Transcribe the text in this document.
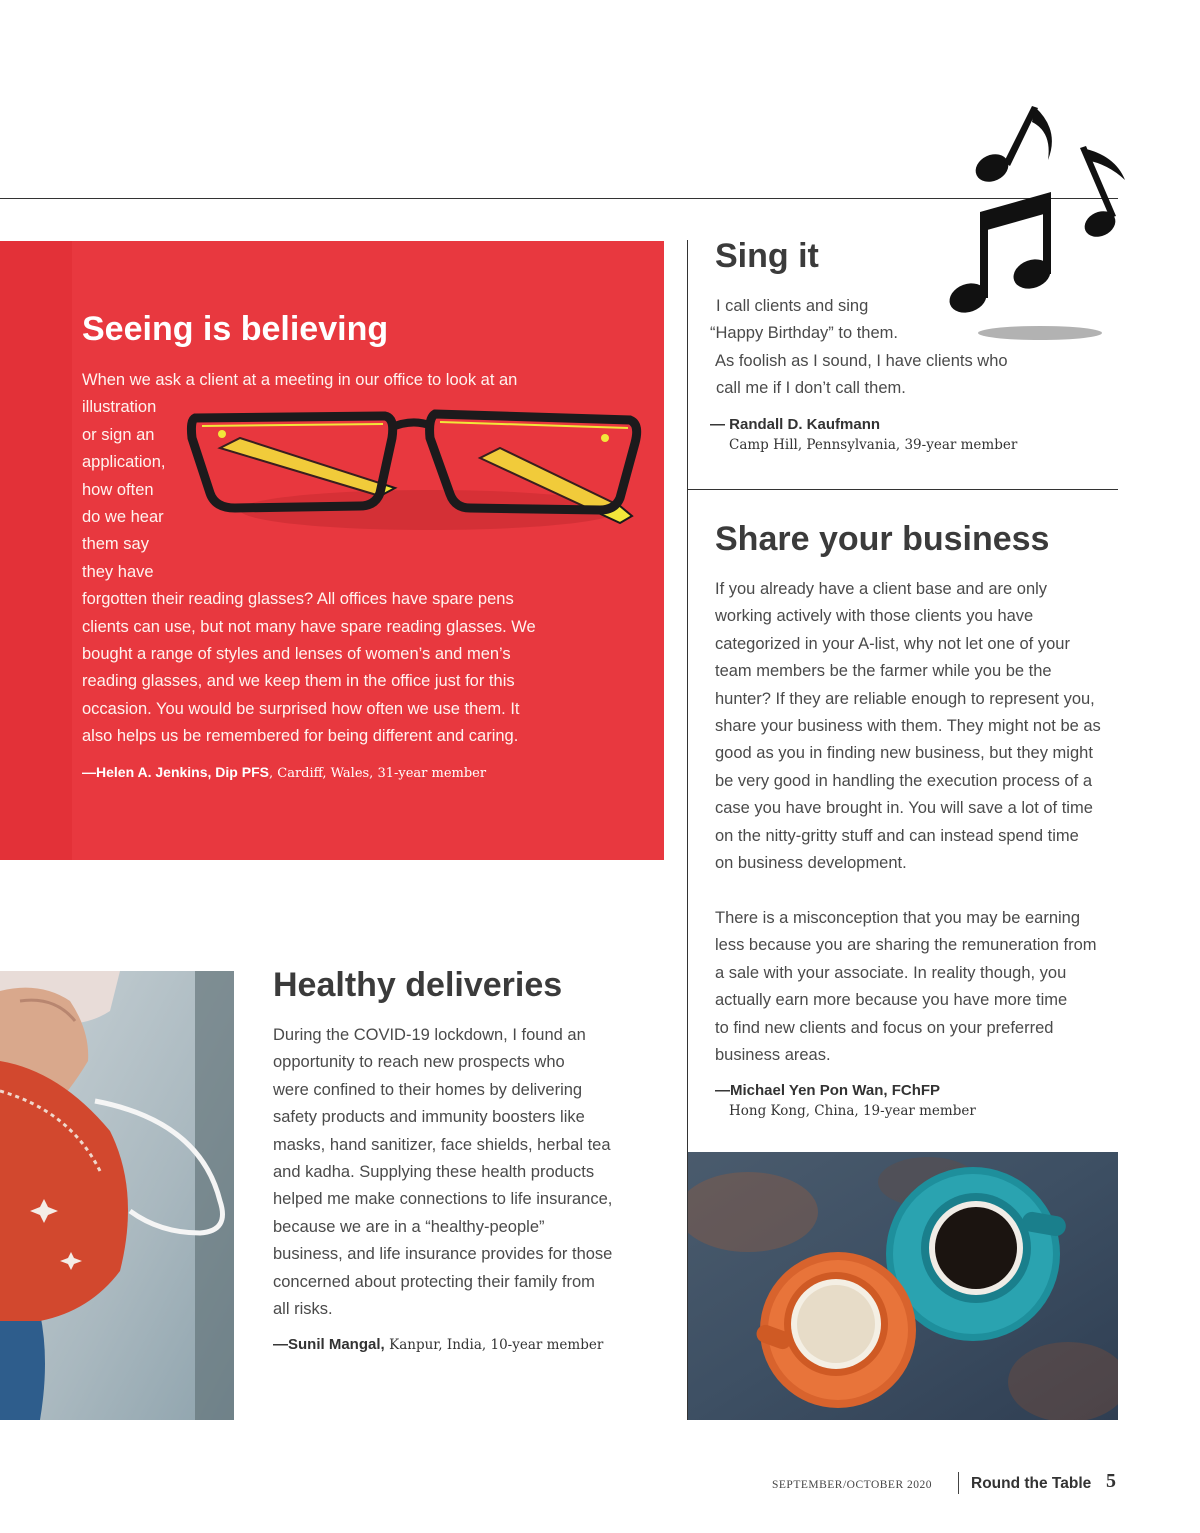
Seeing is believing
When we ask a client at a meeting in our office to look at an
illustration
or sign an
application,
how often
do we hear
them say
they have
forgotten their reading glasses? All offices have spare pens
clients can use, but not many have spare reading glasses. We
bought a range of styles and lenses of women’s and men’s
reading glasses, and we keep them in the office just for this
occasion. You would be surprised how often we use them. It
also helps us be remembered for being different and caring.
—Helen A. Jenkins, Dip PFS, Cardiff, Wales, 31-year member
Sing it
I call clients and sing
“Happy Birthday” to them.
As foolish as I sound, I have clients who
call me if I don’t call them.
— Randall D. Kaufmann
Camp Hill, Pennsylvania, 39-year member
Share your business
If you already have a client base and are only
working actively with those clients you have
categorized in your A-list, why not let one of your
team members be the farmer while you be the
hunter? If they are reliable enough to represent you,
share your business with them. They might not be as
good as you in finding new business, but they might
be very good in handling the execution process of a
case you have brought in. You will save a lot of time
on the nitty-gritty stuff and can instead spend time
on business development.
There is a misconception that you may be earning
less because you are sharing the remuneration from
a sale with your associate. In reality though, you
actually earn more because you have more time
to find new clients and focus on your preferred
business areas.
—Michael Yen Pon Wan, FChFP
Hong Kong, China, 19-year member
Healthy deliveries
During the COVID-19 lockdown, I found an
opportunity to reach new prospects who
were confined to their homes by delivering
safety products and immunity boosters like
masks, hand sanitizer, face shields, herbal tea
and kadha. Supplying these health products
helped me make connections to life insurance,
because we are in a “healthy-people”
business, and life insurance provides for those
concerned about protecting their family from
all risks.
—Sunil Mangal, Kanpur, India, 10-year member
SEPTEMBER/OCTOBER 2020	Round the Table 5
